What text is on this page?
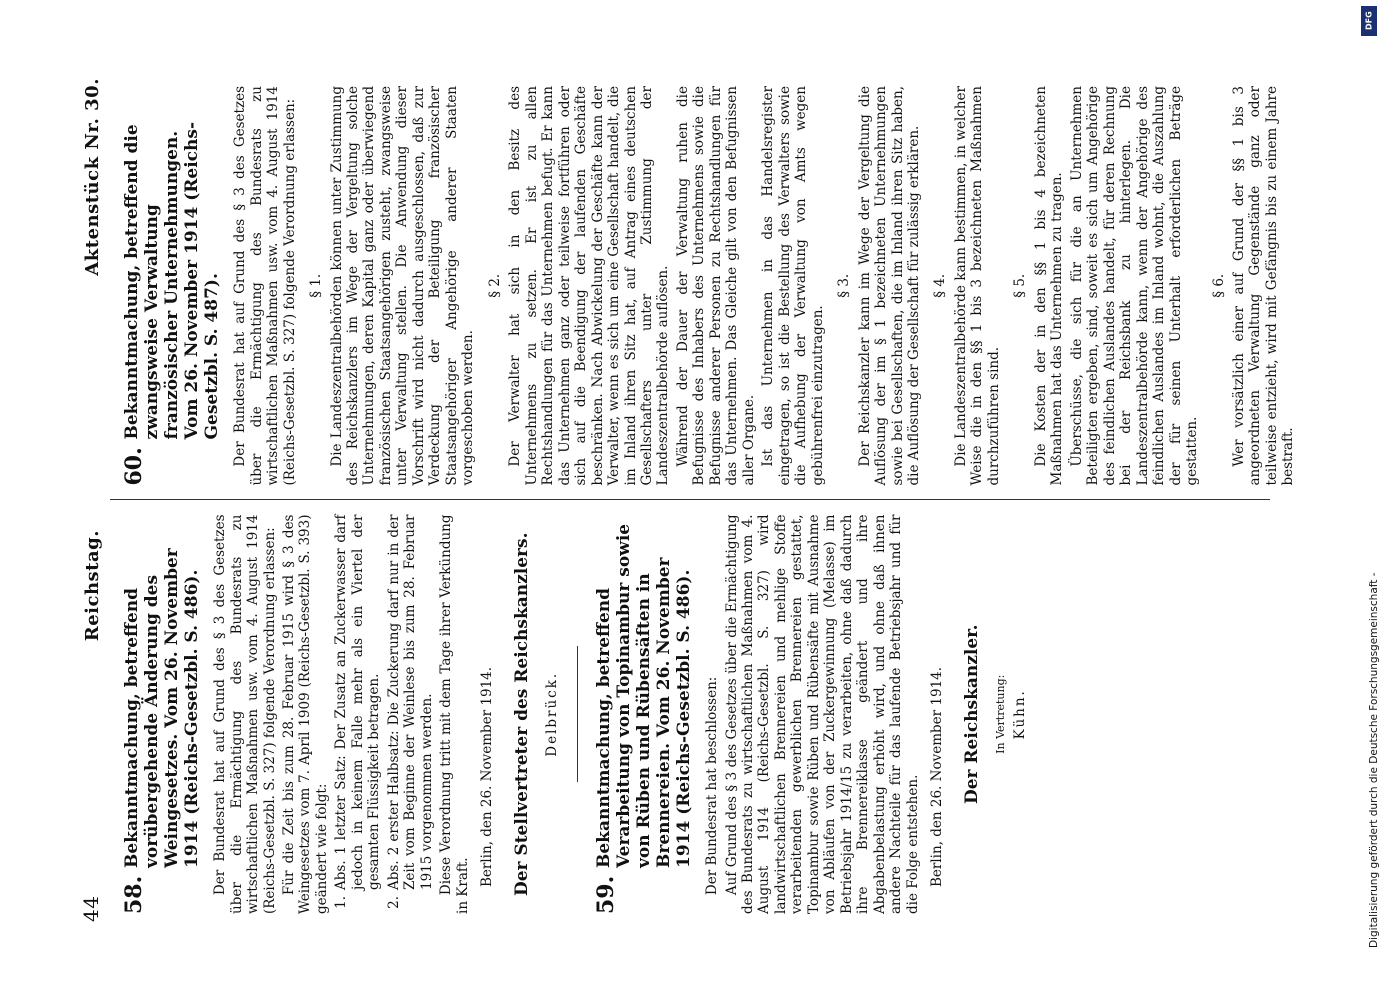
44
Reichstag.
Aktenstück Nr. 30.
58.
Bekanntmachung, betreffend vorübergehende Änderung des Weingesetzes. Vom 26. November 1914 (Reichs-Gesetzbl. S. 486). Der Bundesrat hat auf Grund des § 3 des Gesetzes über die Ermächtigung des Bundesrats zu wirtschaftlichen Maßnahmen usw. vom 4. August 1914 (Reichs-Gesetzbl. S. 327) folgende Verordnung erlassen: Für die Zeit bis zum 28. Februar 1915 wird § 3 des Weingesetzes vom 7. April 1909 (Reichs-Gesetzbl. S. 393) geändert wie folgt: 1.
Abs. 1 letzter Satz: Der Zusatz an Zuckerwasser darf jedoch in keinem Falle mehr als ein Viertel der gesamten Flüssigkeit betragen.
2.
Abs. 2 erster Halbsatz: Die Zuckerung darf nur in der Zeit vom Beginne der Weinlese bis zum 28. Februar 1915 vorgenommen werden. Diese Verordnung tritt mit dem Tage ihrer Verkündung in Kraft. Berlin, den 26. November 1914. Der Stellvertreter des Reichskanzlers. Delbrück.
59.
Bekanntmachung, betreffend Verarbeitung von Topinambur sowie von Rüben und Rübensäften in Brennereien. Vom 26. November 1914 (Reichs-Gesetzbl. S. 486). Der Bundesrat hat beschlossen: Auf Grund des § 3 des Gesetzes über die Ermächtigung des Bundesrats zu wirtschaftlichen Maßnahmen vom 4. August 1914 (Reichs-Gesetzbl. S. 327) wird landwirtschaftlichen Brennereien und mehlige Stoffe verarbeitenden gewerblichen Brennereien gestattet, Topinambur sowie Rüben und Rübensäfte mit Ausnahme von Abläufen von der Zuckergewinnung (Melasse) im Betriebsjahr 1914/15 zu verarbeiten, ohne daß dadurch ihre Brennereiklasse geändert und ihre Abgabenbelastung erhöht wird, und ohne daß ihnen andere Nachteile für das laufende Betriebsjahr und für die Folge entstehen. Berlin, den 26. November 1914. Der Reichskanzler. In Vertretung: Kühn.
60.
Bekanntmachung, betreffend die zwangsweise Verwaltung französischer Unternehmungen. Vom 26. November 1914 (Reichs-Gesetzbl. S. 487). Der Bundesrat hat auf Grund des § 3 des Gesetzes über die Ermächtigung des Bundesrats zu wirtschaftlichen Maßnahmen usw. vom 4. August 1914 (Reichs-Gesetzbl. S. 327) folgende Verordnung erlassen: § 1. Die Landeszentralbehörden können unter Zustimmung des Reichskanzlers im Wege der Vergeltung solche Unternehmungen, deren Kapital ganz oder überwiegend französischen Staatsangehörigen zusteht, zwangsweise unter Verwaltung stellen. Die Anwendung dieser Vorschrift wird nicht dadurch ausgeschlossen, daß zur Verdeckung der Beteiligung französischer Staatsangehöriger Angehörige anderer Staaten vorgeschoben werden.

§ 2. Der Verwalter hat sich in den Besitz des Unternehmens zu setzen. Er ist zu allen Rechtshandlungen für das Unternehmen befugt. Er kann das Unternehmen ganz oder teilweise fortführen oder sich auf die Beendigung der laufenden Geschäfte beschränken. Nach Abwickelung der Geschäfte kann der Verwalter, wenn es sich um eine Gesellschaft handelt, die im Inland ihren Sitz hat, auf Antrag eines deutschen Gesellschafters unter Zustimmung der Landeszentralbehörde auflösen. Während der Dauer der Verwaltung ruhen die Befugnisse des Inhabers des Unternehmens sowie die Befugnisse anderer Personen zu Rechtshandlungen für das Unternehmen. Das Gleiche gilt von den Befugnissen aller Organe. Ist das Unternehmen in das Handelsregister eingetragen, so ist die Bestellung des Verwalters sowie die Aufhebung der Verwaltung von Amts wegen gebührenfrei einzutragen.

§ 3. Der Reichskanzler kann im Wege der Vergeltung die Auflösung der im § 1 bezeichneten Unternehmungen sowie bei Gesellschaften, die im Inland ihren Sitz haben, die Auflösung der Gesellschaft für zulässig erklären. § 4. Die Landeszentralbehörde kann bestimmen, in welcher Weise die in den §§ 1 bis 3 bezeichneten Maßnahmen durchzuführen sind.

§ 5. Die Kosten der in den §§ 1 bis 4 bezeichneten Maßnahmen hat das Unternehmen zu tragen. Überschüsse, die sich für die an Unternehmen Beteiligten ergeben, sind, soweit es sich um Angehörige des feindlichen Auslandes handelt, für deren Rechnung bei der Reichsbank zu hinterlegen. Die Landeszentralbehörde kann, wenn der Angehörige des feindlichen Auslandes im Inland wohnt, die Auszahlung der für seinen Unterhalt erforderlichen Beträge gestatten.

§ 6. Wer vorsätzlich einer auf Grund der §§ 1 bis 3 angeordneten Verwaltung Gegenstände ganz oder teilweise entzieht, wird mit Gefängnis bis zu einem Jahre bestraft.

Digitalisierung gefördert durch die Deutsche Forschungsgemeinschaft -
DFG
